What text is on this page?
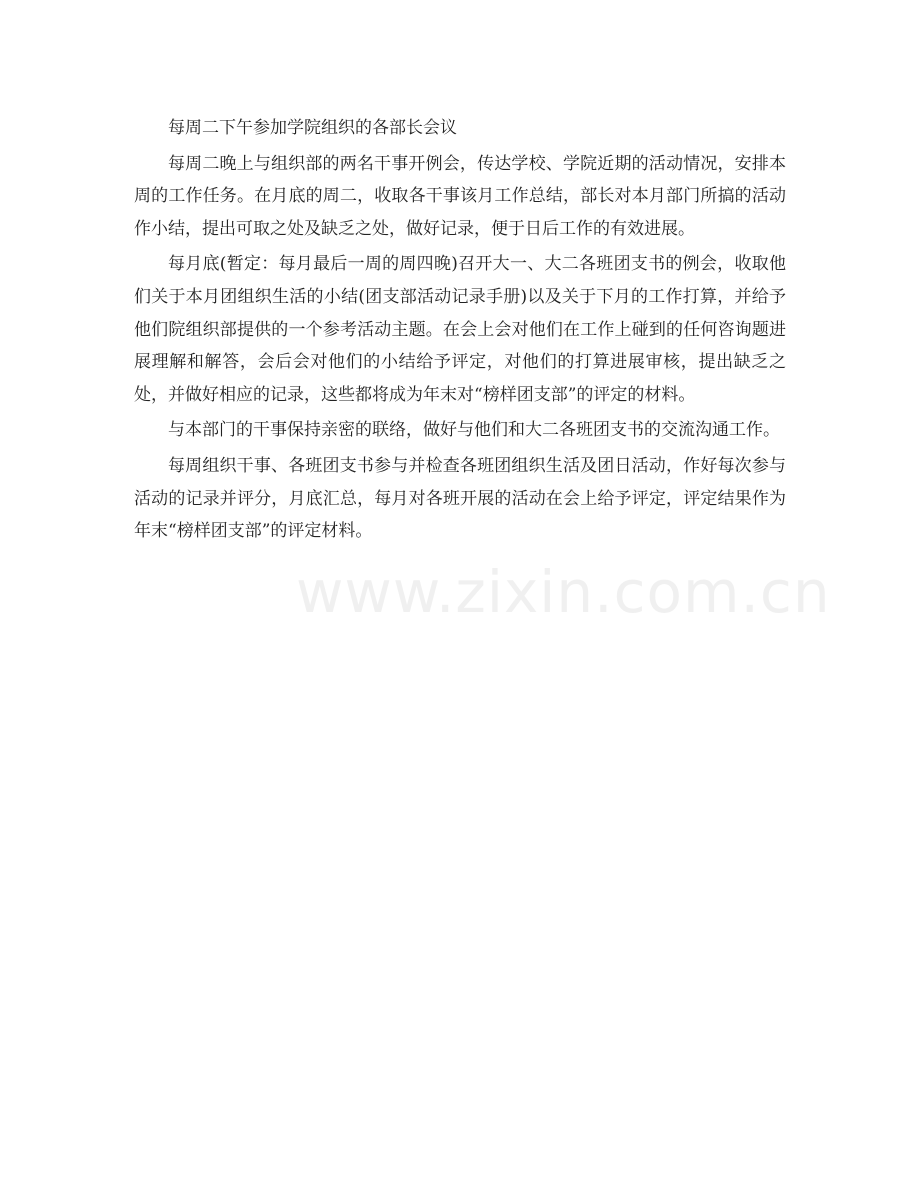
每周二下午参加学院组织的各部长会议

每周二晚上与组织部的两名干事开例会，传达学校、学院近期的活动情况，安排本周的工作任务。在月底的周二，收取各干事该月工作总结，部长对本月部门所搞的活动作小结，提出可取之处及缺乏之处，做好记录，便于日后工作的有效进展。

每月底(暂定：每月最后一周的周四晚)召开大一、大二各班团支书的例会，收取他们关于本月团组织生活的小结(团支部活动记录手册)以及关于下月的工作打算，并给予他们院组织部提供的一个参考活动主题。在会上会对他们在工作上碰到的任何咨询题进展理解和解答，会后会对他们的小结给予评定，对他们的打算进展审核，提出缺乏之处，并做好相应的记录，这些都将成为年末对“榜样团支部”的评定的材料。

与本部门的干事保持亲密的联络，做好与他们和大二各班团支书的交流沟通工作。

每周组织干事、各班团支书参与并检查各班团组织生活及团日活动，作好每次参与活动的记录并评分，月底汇总，每月对各班开展的活动在会上给予评定，评定结果作为年末“榜样团支部”的评定材料。

www.zixin.com.cn
